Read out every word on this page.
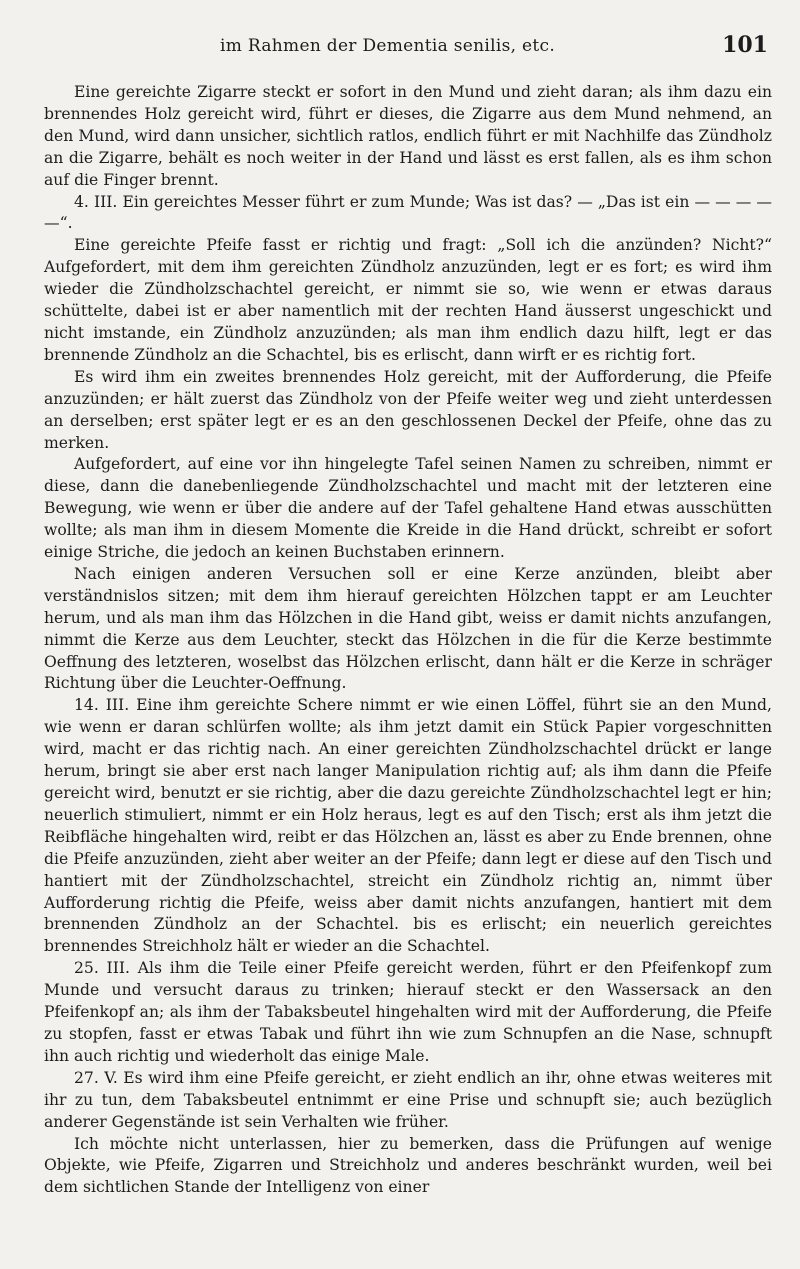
im Rahmen der Dementia senilis, etc.	101

Eine gereichte Zigarre steckt er sofort in den Mund und zieht daran; als ihm dazu ein brennendes Holz gereicht wird, führt er dieses, die Zigarre aus dem Mund nehmend, an den Mund, wird dann unsicher, sichtlich ratlos, endlich führt er mit Nachhilfe das Zündholz an die Zigarre, behält es noch weiter in der Hand und lässt es erst fallen, als es ihm schon auf die Finger brennt.

4. III. Ein gereichtes Messer führt er zum Munde; Was ist das? — „Das ist ein — — — — —“.

Eine gereichte Pfeife fasst er richtig und fragt: „Soll ich die anzünden? Nicht?“ Aufgefordert, mit dem ihm gereichten Zündholz anzuzünden, legt er es fort; es wird ihm wieder die Zündholzschachtel gereicht, er nimmt sie so, wie wenn er etwas daraus schüttelte, dabei ist er aber namentlich mit der rechten Hand äusserst ungeschickt und nicht imstande, ein Zündholz anzuzünden; als man ihm endlich dazu hilft, legt er das brennende Zündholz an die Schachtel, bis es erlischt, dann wirft er es richtig fort.

Es wird ihm ein zweites brennendes Holz gereicht, mit der Aufforderung, die Pfeife anzuzünden; er hält zuerst das Zündholz von der Pfeife weiter weg und zieht unterdessen an derselben; erst später legt er es an den geschlossenen Deckel der Pfeife, ohne das zu merken.

Aufgefordert, auf eine vor ihn hingelegte Tafel seinen Namen zu schreiben, nimmt er diese, dann die danebenliegende Zündholzschachtel und macht mit der letzteren eine Bewegung, wie wenn er über die andere auf der Tafel gehaltene Hand etwas ausschütten wollte; als man ihm in diesem Momente die Kreide in die Hand drückt, schreibt er sofort einige Striche, die jedoch an keinen Buchstaben erinnern.

Nach einigen anderen Versuchen soll er eine Kerze anzünden, bleibt aber verständnislos sitzen; mit dem ihm hierauf gereichten Hölzchen tappt er am Leuchter herum, und als man ihm das Hölzchen in die Hand gibt, weiss er damit nichts anzufangen, nimmt die Kerze aus dem Leuchter, steckt das Hölzchen in die für die Kerze bestimmte Oeffnung des letzteren, woselbst das Hölzchen erlischt, dann hält er die Kerze in schräger Richtung über die Leuchter-Oeffnung.

14. III. Eine ihm gereichte Schere nimmt er wie einen Löffel, führt sie an den Mund, wie wenn er daran schlürfen wollte; als ihm jetzt damit ein Stück Papier vorgeschnitten wird, macht er das richtig nach. An einer gereichten Zündholzschachtel drückt er lange herum, bringt sie aber erst nach langer Manipulation richtig auf; als ihm dann die Pfeife gereicht wird, benutzt er sie richtig, aber die dazu gereichte Zündholzschachtel legt er hin; neuerlich stimuliert, nimmt er ein Holz heraus, legt es auf den Tisch; erst als ihm jetzt die Reibfläche hingehalten wird, reibt er das Hölzchen an, lässt es aber zu Ende brennen, ohne die Pfeife anzuzünden, zieht aber weiter an der Pfeife; dann legt er diese auf den Tisch und hantiert mit der Zündholzschachtel, streicht ein Zündholz richtig an, nimmt über Aufforderung richtig die Pfeife, weiss aber damit nichts anzufangen, hantiert mit dem brennenden Zündholz an der Schachtel. bis es erlischt; ein neuerlich gereichtes brennendes Streichholz hält er wieder an die Schachtel.

25. III. Als ihm die Teile einer Pfeife gereicht werden, führt er den Pfeifenkopf zum Munde und versucht daraus zu trinken; hierauf steckt er den Wassersack an den Pfeifenkopf an; als ihm der Tabaksbeutel hingehalten wird mit der Aufforderung, die Pfeife zu stopfen, fasst er etwas Tabak und führt ihn wie zum Schnupfen an die Nase, schnupft ihn auch richtig und wiederholt das einige Male.

27. V. Es wird ihm eine Pfeife gereicht, er zieht endlich an ihr, ohne etwas weiteres mit ihr zu tun, dem Tabaksbeutel entnimmt er eine Prise und schnupft sie; auch bezüglich anderer Gegenstände ist sein Verhalten wie früher.

Ich möchte nicht unterlassen, hier zu bemerken, dass die Prüfungen auf wenige Objekte, wie Pfeife, Zigarren und Streichholz und anderes beschränkt wurden, weil bei dem sichtlichen Stande der Intelligenz von einer
